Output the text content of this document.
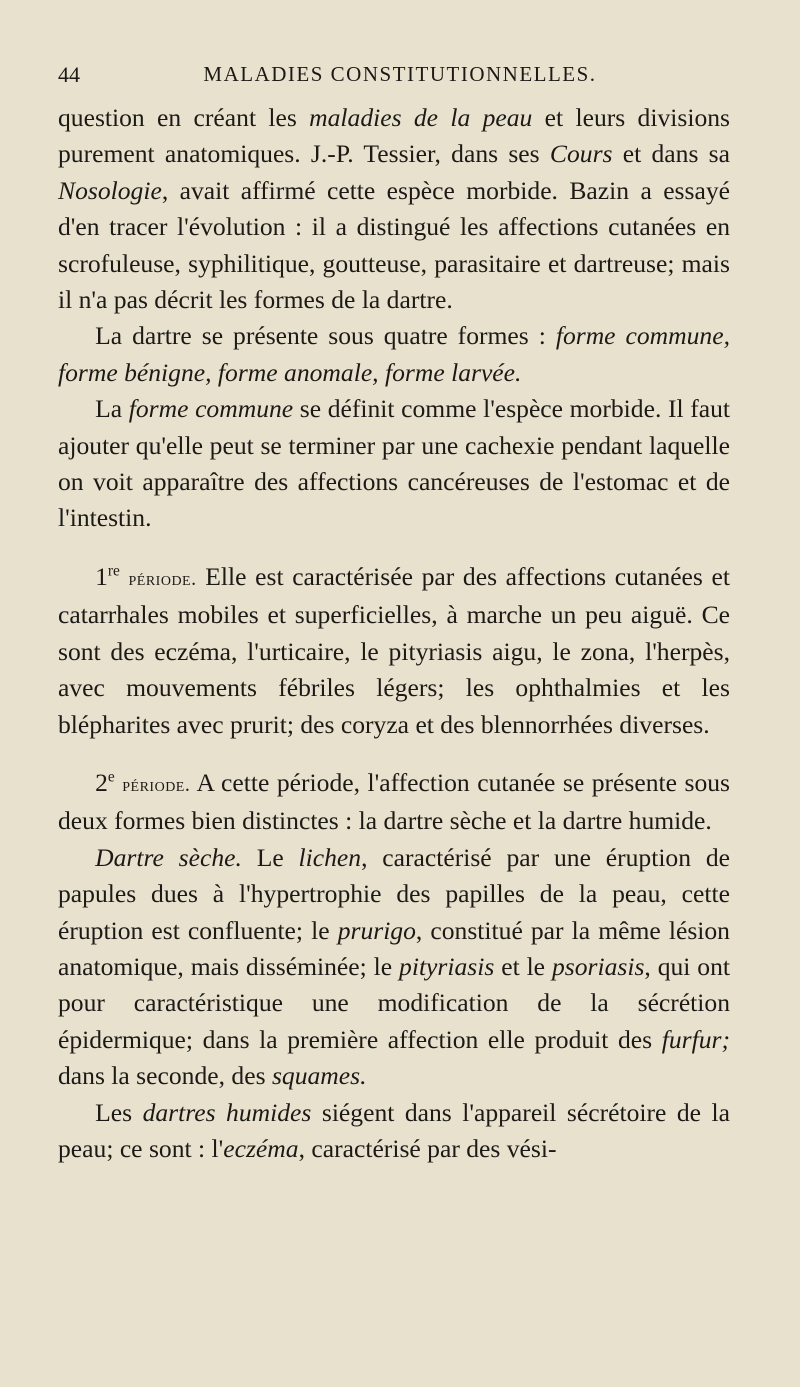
44	MALADIES CONSTITUTIONNELLES.

question en créant les maladies de la peau et leurs divisions purement anatomiques. J.-P. Tessier, dans ses Cours et dans sa Nosologie, avait affirmé cette espèce morbide. Bazin a essayé d'en tracer l'évolution : il a distingué les affections cutanées en scrofuleuse, syphilitique, goutteuse, parasitaire et dartreuse; mais il n'a pas décrit les formes de la dartre.

La dartre se présente sous quatre formes : forme commune, forme bénigne, forme anomale, forme larvée.

La forme commune se définit comme l'espèce morbide. Il faut ajouter qu'elle peut se terminer par une cachexie pendant laquelle on voit apparaître des affections cancéreuses de l'estomac et de l'intestin.

1re période. Elle est caractérisée par des affections cutanées et catarrhales mobiles et superficielles, à marche un peu aiguë. Ce sont des eczéma, l'urticaire, le pityriasis aigu, le zona, l'herpès, avec mouvements fébriles légers; les ophthalmies et les blépharites avec prurit; des coryza et des blennorrhées diverses.

2e période. A cette période, l'affection cutanée se présente sous deux formes bien distinctes : la dartre sèche et la dartre humide.

Dartre sèche. Le lichen, caractérisé par une éruption de papules dues à l'hypertrophie des papilles de la peau, cette éruption est confluente; le prurigo, constitué par la même lésion anatomique, mais disséminée; le pityriasis et le psoriasis, qui ont pour caractéristique une modification de la sécrétion épidermique; dans la première affection elle produit des furfur; dans la seconde, des squames.

Les dartres humides siégent dans l'appareil sécrétoire de la peau; ce sont : l'eczéma, caractérisé par des vési-
